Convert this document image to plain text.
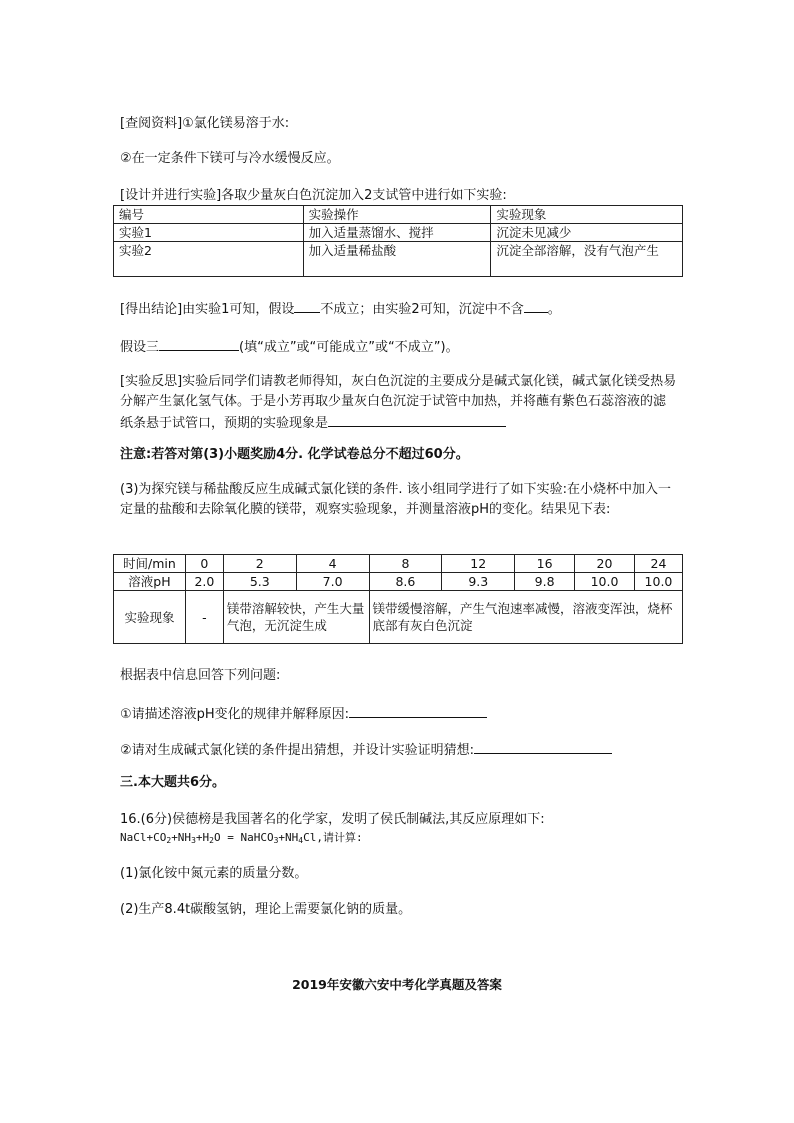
[查阅资料]①氯化镁易溶于水:
②在一定条件下镁可与冷水缓慢反应。
[设计并进行实验]各取少量灰白色沉淀加入2支试管中进行如下实验:
编号	实验操作	实验现象
实验1	加入适量蒸馏水、搅拌	沉淀未见减少
实验2	加入适量稀盐酸	沉淀全部溶解，没有气泡产生
[得出结论]由实验1可知，假设 不成立；由实验2可知，沉淀中不含 。
假设三	(填“成立”或“可能成立”或“不成立”)。
[实验反思]实验后同学们请教老师得知，灰白色沉淀的主要成分是碱式氯化镁，碱式氯化镁受热易分解产生氯化氢气体。于是小芳再取少量灰白色沉淀于试管中加热，并将蘸有紫色石蕊溶液的滤纸条悬于试管口，预期的实验现象是
注意:若答对第(3)小题奖励4分. 化学试卷总分不超过60分。
(3)为探究镁与稀盐酸反应生成碱式氯化镁的条件. 该小组同学进行了如下实验:在小烧杯中加入一定量的盐酸和去除氧化膜的镁带，观察实验现象，并测量溶液pH的变化。结果见下表:
时间/min	0	2	4	8	12	16	20	24
溶液pH	2.0	5.3	7.0	8.6	9.3	9.8	10.0	10.0
实验现象	-	镁带溶解较快，产生大量气泡，无沉淀生成		镁带缓慢溶解，产生气泡速率减慢，溶液变浑浊，烧杯底部有灰白色沉淀				
根据表中信息回答下列问题:
①请描述溶液pH变化的规律并解释原因:
②请对生成碱式氯化镁的条件提出猜想，并设计实验证明猜想:
三.本大题共6分。
16.(6分)侯德榜是我国著名的化学家，发明了侯氏制碱法,其反应原理如下:
$NaCl+CO_2+NH_3+H_2O$ = $NaHCO_3+NH_4Cl$,请计算:
(1)氯化铵中氮元素的质量分数。
(2)生产8.4t碳酸氢钠，理论上需要氯化钠的质量。
2019年安徽六安中考化学真题及答案
